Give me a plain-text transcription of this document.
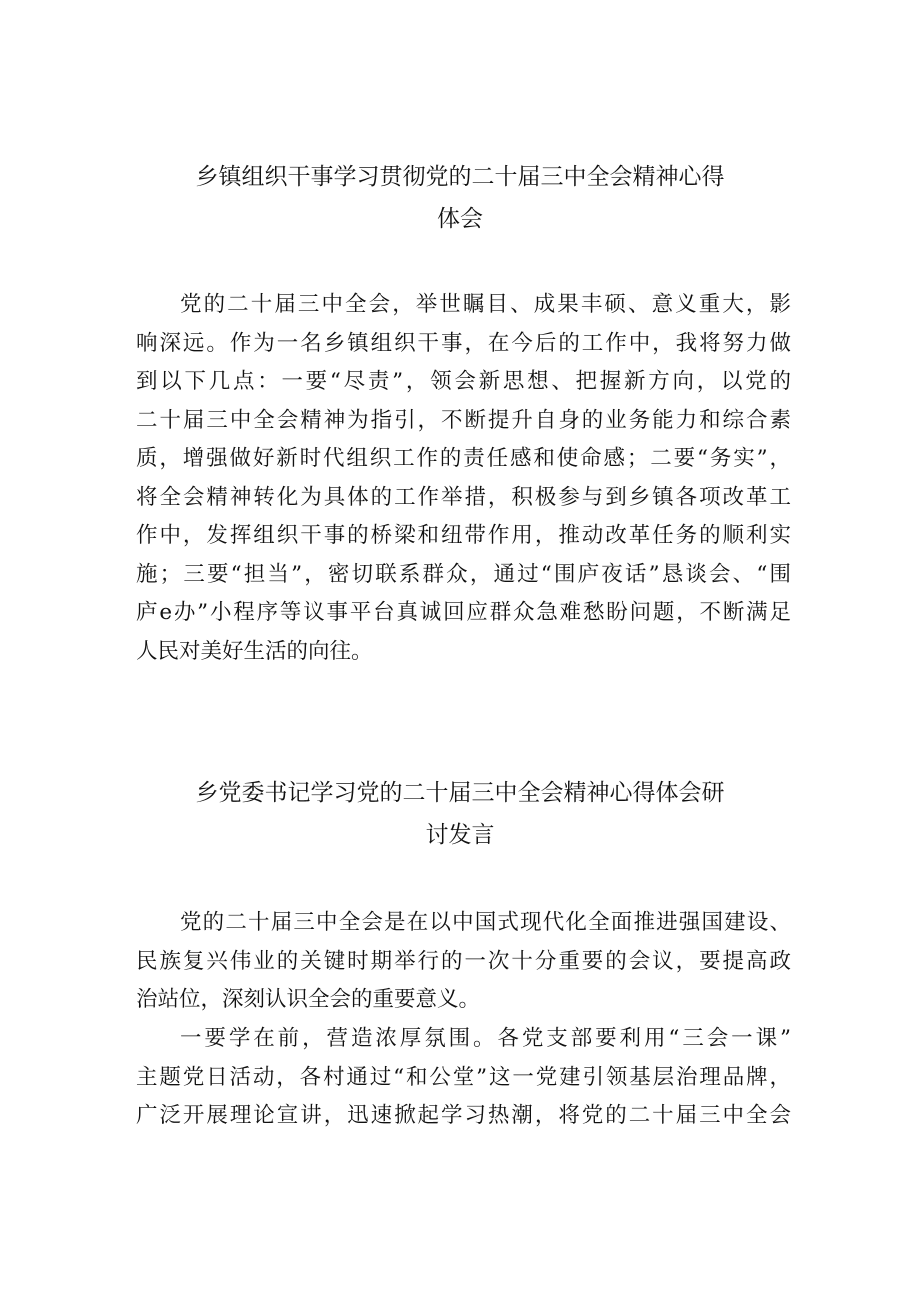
乡镇组织干事学习贯彻党的二十届三中全会精神心得
体会
党的二十届三中全会，举世瞩目、成果丰硕、意义重大，影
响深远。作为一名乡镇组织干事，在今后的工作中，我将努力做
到以下几点：一要“尽责”，领会新思想、把握新方向，以党的
二十届三中全会精神为指引，不断提升自身的业务能力和综合素
质，增强做好新时代组织工作的责任感和使命感；二要“务实”，
将全会精神转化为具体的工作举措，积极参与到乡镇各项改革工
作中，发挥组织干事的桥梁和纽带作用，推动改革任务的顺利实
施；三要“担当”，密切联系群众，通过“围庐夜话”恳谈会、“围
庐e办”小程序等议事平台真诚回应群众急难愁盼问题，不断满足
人民对美好生活的向往。
乡党委书记学习党的二十届三中全会精神心得体会研
讨发言
党的二十届三中全会是在以中国式现代化全面推进强国建设、
民族复兴伟业的关键时期举行的一次十分重要的会议，要提高政
治站位，深刻认识全会的重要意义。
一要学在前，营造浓厚氛围。各党支部要利用“三会一课”
主题党日活动，各村通过“和公堂”这一党建引领基层治理品牌，
广泛开展理论宣讲，迅速掀起学习热潮，将党的二十届三中全会
